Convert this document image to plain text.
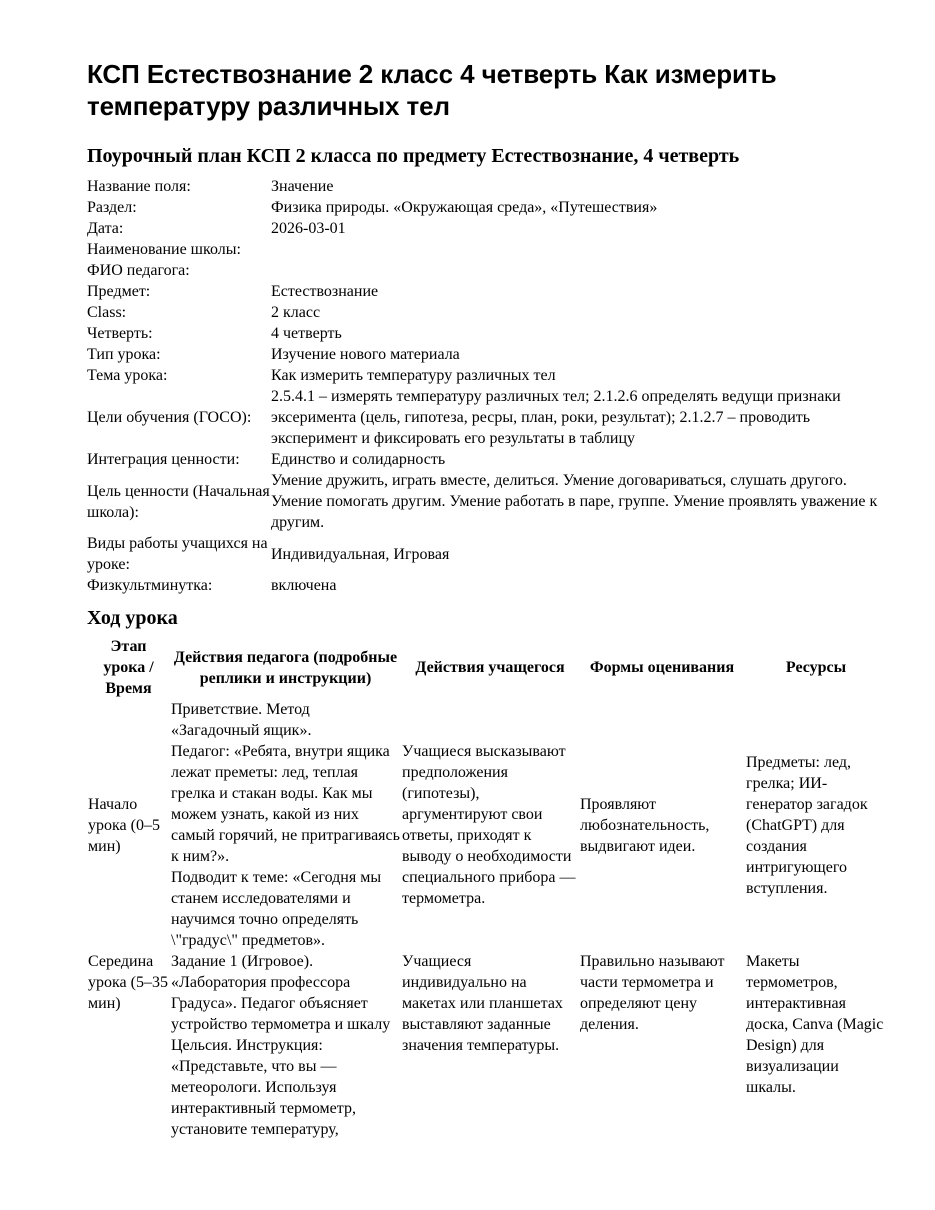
КСП Естествознание 2 класс 4 четверть Как измерить температуру различных тел
Поурочный план КСП 2 класса по предмету Естествознание, 4 четверть
Название поля:	Значение
Раздел:	Физика природы. «Окружающая среда», «Путешествия»
Дата:	2026-03-01
Наименование школы:	
ФИО педагога:	
Предмет:	Естествознание
Class:	2 класс
Четверть:	4 четверть
Тип урока:	Изучение нового материала
Тема урока:	Как измерить температуру различных тел
Цели обучения (ГОСО):	2.5.4.1 – измерять температуру различных тел; 2.1.2.6 определять ведущи признаки эксеримента (цель, гипотеза, ресры, план, роки, результат); 2.1.2.7 – проводить эксперимент и фиксировать его результаты в таблицу
Интеграция ценности:	Единство и солидарность
Цель ценности (Начальная школа):	Умение дружить, играть вместе, делиться. Умение договариваться, слушать другого. Умение помогать другим. Умение работать в паре, группе. Умение проявлять уважение к другим.
Виды работы учащихся на уроке:	Индивидуальная, Игровая
Физкультминутка:	включена
Ход урока
Этап урока / Время	Действия педагога (подробные реплики и инструкции)	Действия учащегося	Формы оценивания	Ресурсы
Начало урока (0–5 мин)	Приветствие. Метод «Загадочный ящик».

Педагог: «Ребята, внутри ящика лежат преметы: лед, теплая грелка и стакан воды. Как мы можем узнать, какой из них самый горячий, не притрагиваясь к ним?».

Подводит к теме: «Сегодня мы станем исследователями и научимся точно определять \"градус\" предметов».	Учащиеся высказывают предположения (гипотезы), аргументируют свои ответы, приходят к выводу о необходимости специального прибора — термометра.	Проявляют любознательность, выдвигают идеи.	Предметы: лед, грелка; ИИ-генератор загадок (ChatGPT) для создания интригующего вступления.
Середина урока (5–35 мин)	Задание 1 (Игровое). «Лаборатория профессора Градуса». Педагог объясняет устройство термометра и шкалу Цельсия. Инструкция: «Представьте, что вы — метеорологи. Используя интерактивный термометр, установите температуру,	Учащиеся индивидуально на макетах или планшетах выставляют заданные значения температуры.	Правильно называют части термометра и определяют цену деления.	Макеты термометров, интерактивная доска, Canva (Magic Design) для визуализации шкалы.
